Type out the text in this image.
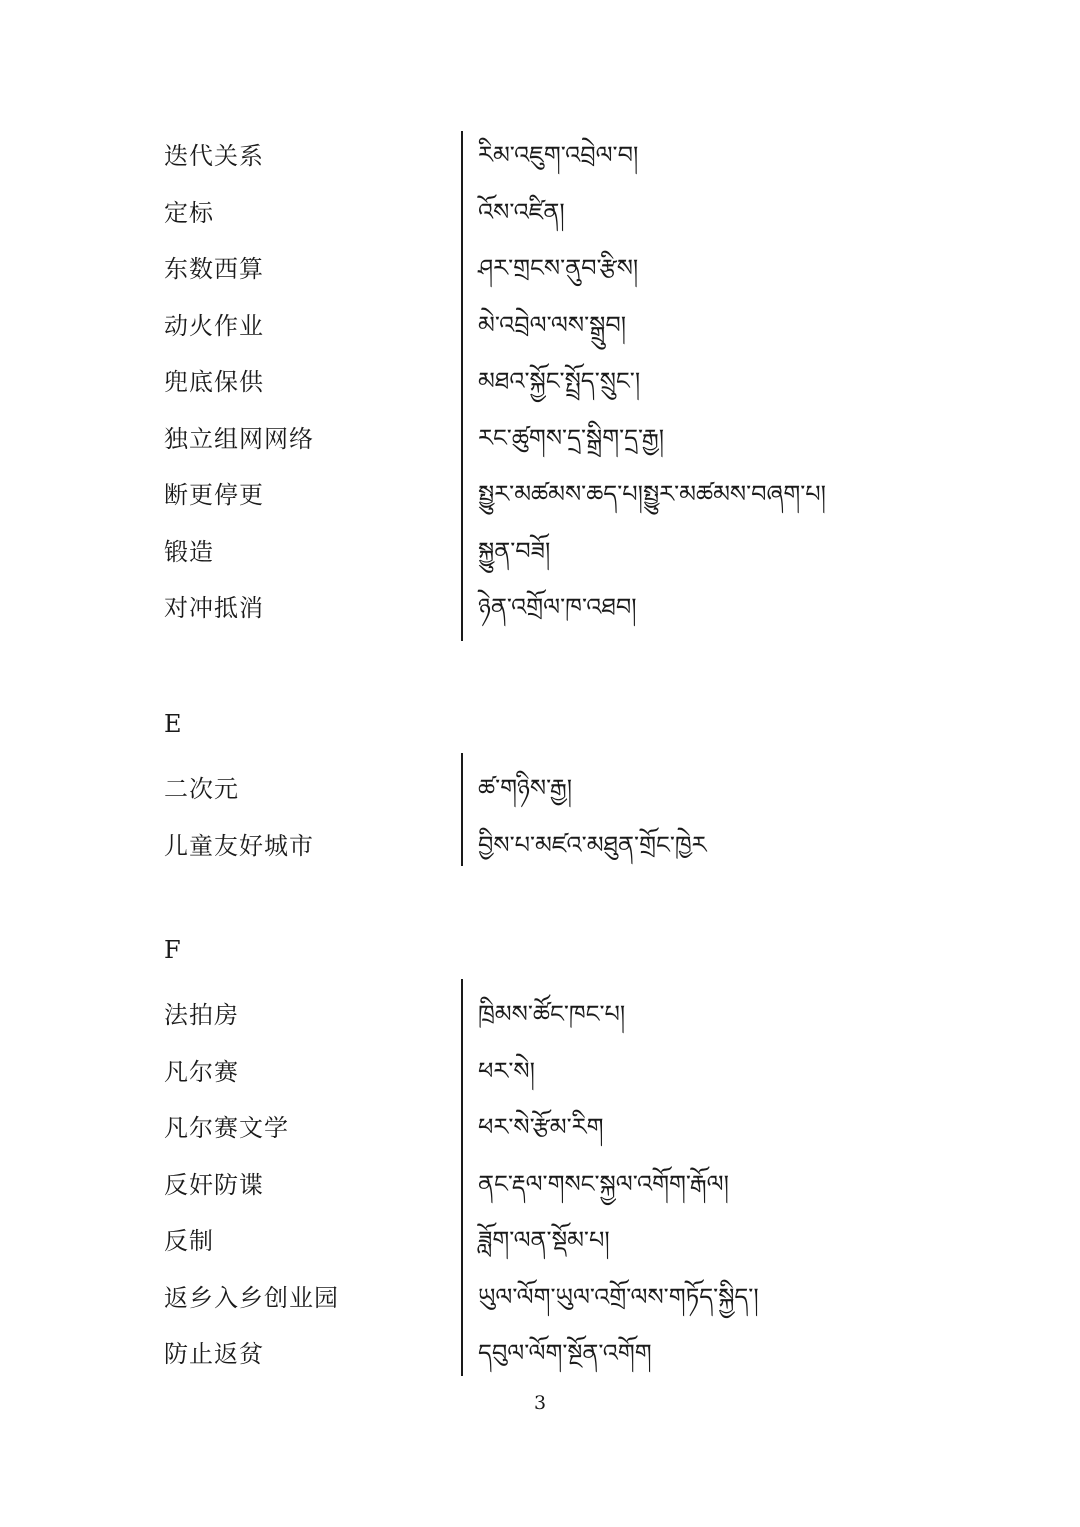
迭代关系	རིམ་འཇུག་འབྲེལ་བ།
定标	འོས་འཛིན།
东数西算	ཤར་གྲངས་ནུབ་རྩིས།
动火作业	མེ་འབྲེལ་ལས་སྒྲུབ།
兜底保供	མཐའ་སྐྱོང་སྤྲོད་སྲུང་།
独立组网网络	རང་ཚུགས་དྲ་སྒྲིག་དྲ་རྒྱ།
断更停更	སྤྱུར་མཚམས་ཆད་པ།སྤྱུར་མཚམས་བཞག་པ།
锻造	སྐྱུན་བཟོ།
对冲抵消	ཉེན་འགྲོལ་ཁ་འཐབ།
E
二次元	ཚ་གཉིས་རྒྱ།
儿童友好城市	བྱིས་པ་མཛའ་མཐུན་གྲོང་ཁྱེར
F
法拍房	ཁྲིམས་ཚོང་ཁང་པ།
凡尔赛	ཕར་སེ།
凡尔赛文学	ཕར་སེ་རྩོམ་རིག
反奸防谍	ནང་རྡལ་གསང་སྐྱལ་འགོག་རྒོལ།
反制	ཟློག་ལན་སྡོམ་པ།
返乡入乡创业园	ཡུལ་ལོག་ཡུལ་འགྲོ་ལས་གཏོད་སྐྱིད་།
防止返贫	དབུལ་ལོག་སྔོན་འགོག
3
